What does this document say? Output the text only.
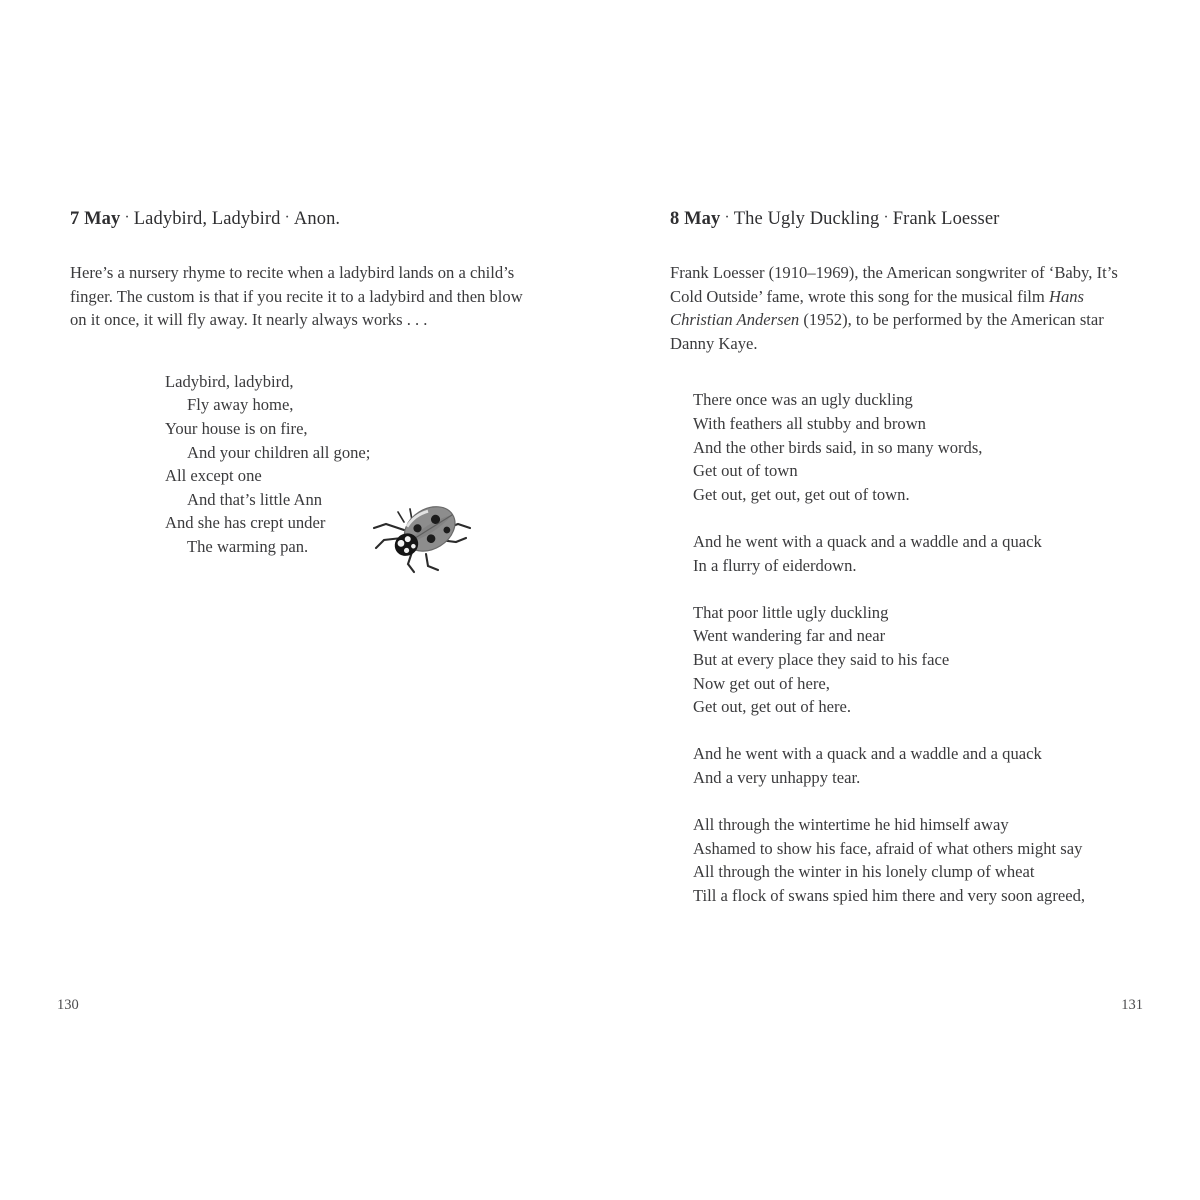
7 May · Ladybird, Ladybird · Anon.

Here’s a nursery rhyme to recite when a ladybird lands on a child’s finger. The custom is that if you recite it to a ladybird and then blow on it once, it will fly away. It nearly always works . . .

Ladybird, ladybird,
Fly away home,
Your house is on fire,
And your children all gone;
All except one
And that’s little Ann
And she has crept under
The warming pan.
130
8 May · The Ugly Duckling · Frank Loesser

Frank Loesser (1910–1969), the American songwriter of ‘Baby, It’s Cold Outside’ fame, wrote this song for the musical film Hans Christian Andersen (1952), to be performed by the American star Danny Kaye.

There once was an ugly duckling
With feathers all stubby and brown
And the other birds said, in so many words,
Get out of town
Get out, get out, get out of town.
And he went with a quack and a waddle and a quack
In a flurry of eiderdown.
That poor little ugly duckling
Went wandering far and near
But at every place they said to his face
Now get out of here,
Get out, get out of here.
And he went with a quack and a waddle and a quack
And a very unhappy tear.
All through the wintertime he hid himself away
Ashamed to show his face, afraid of what others might say
All through the winter in his lonely clump of wheat
Till a flock of swans spied him there and very soon agreed,
131
